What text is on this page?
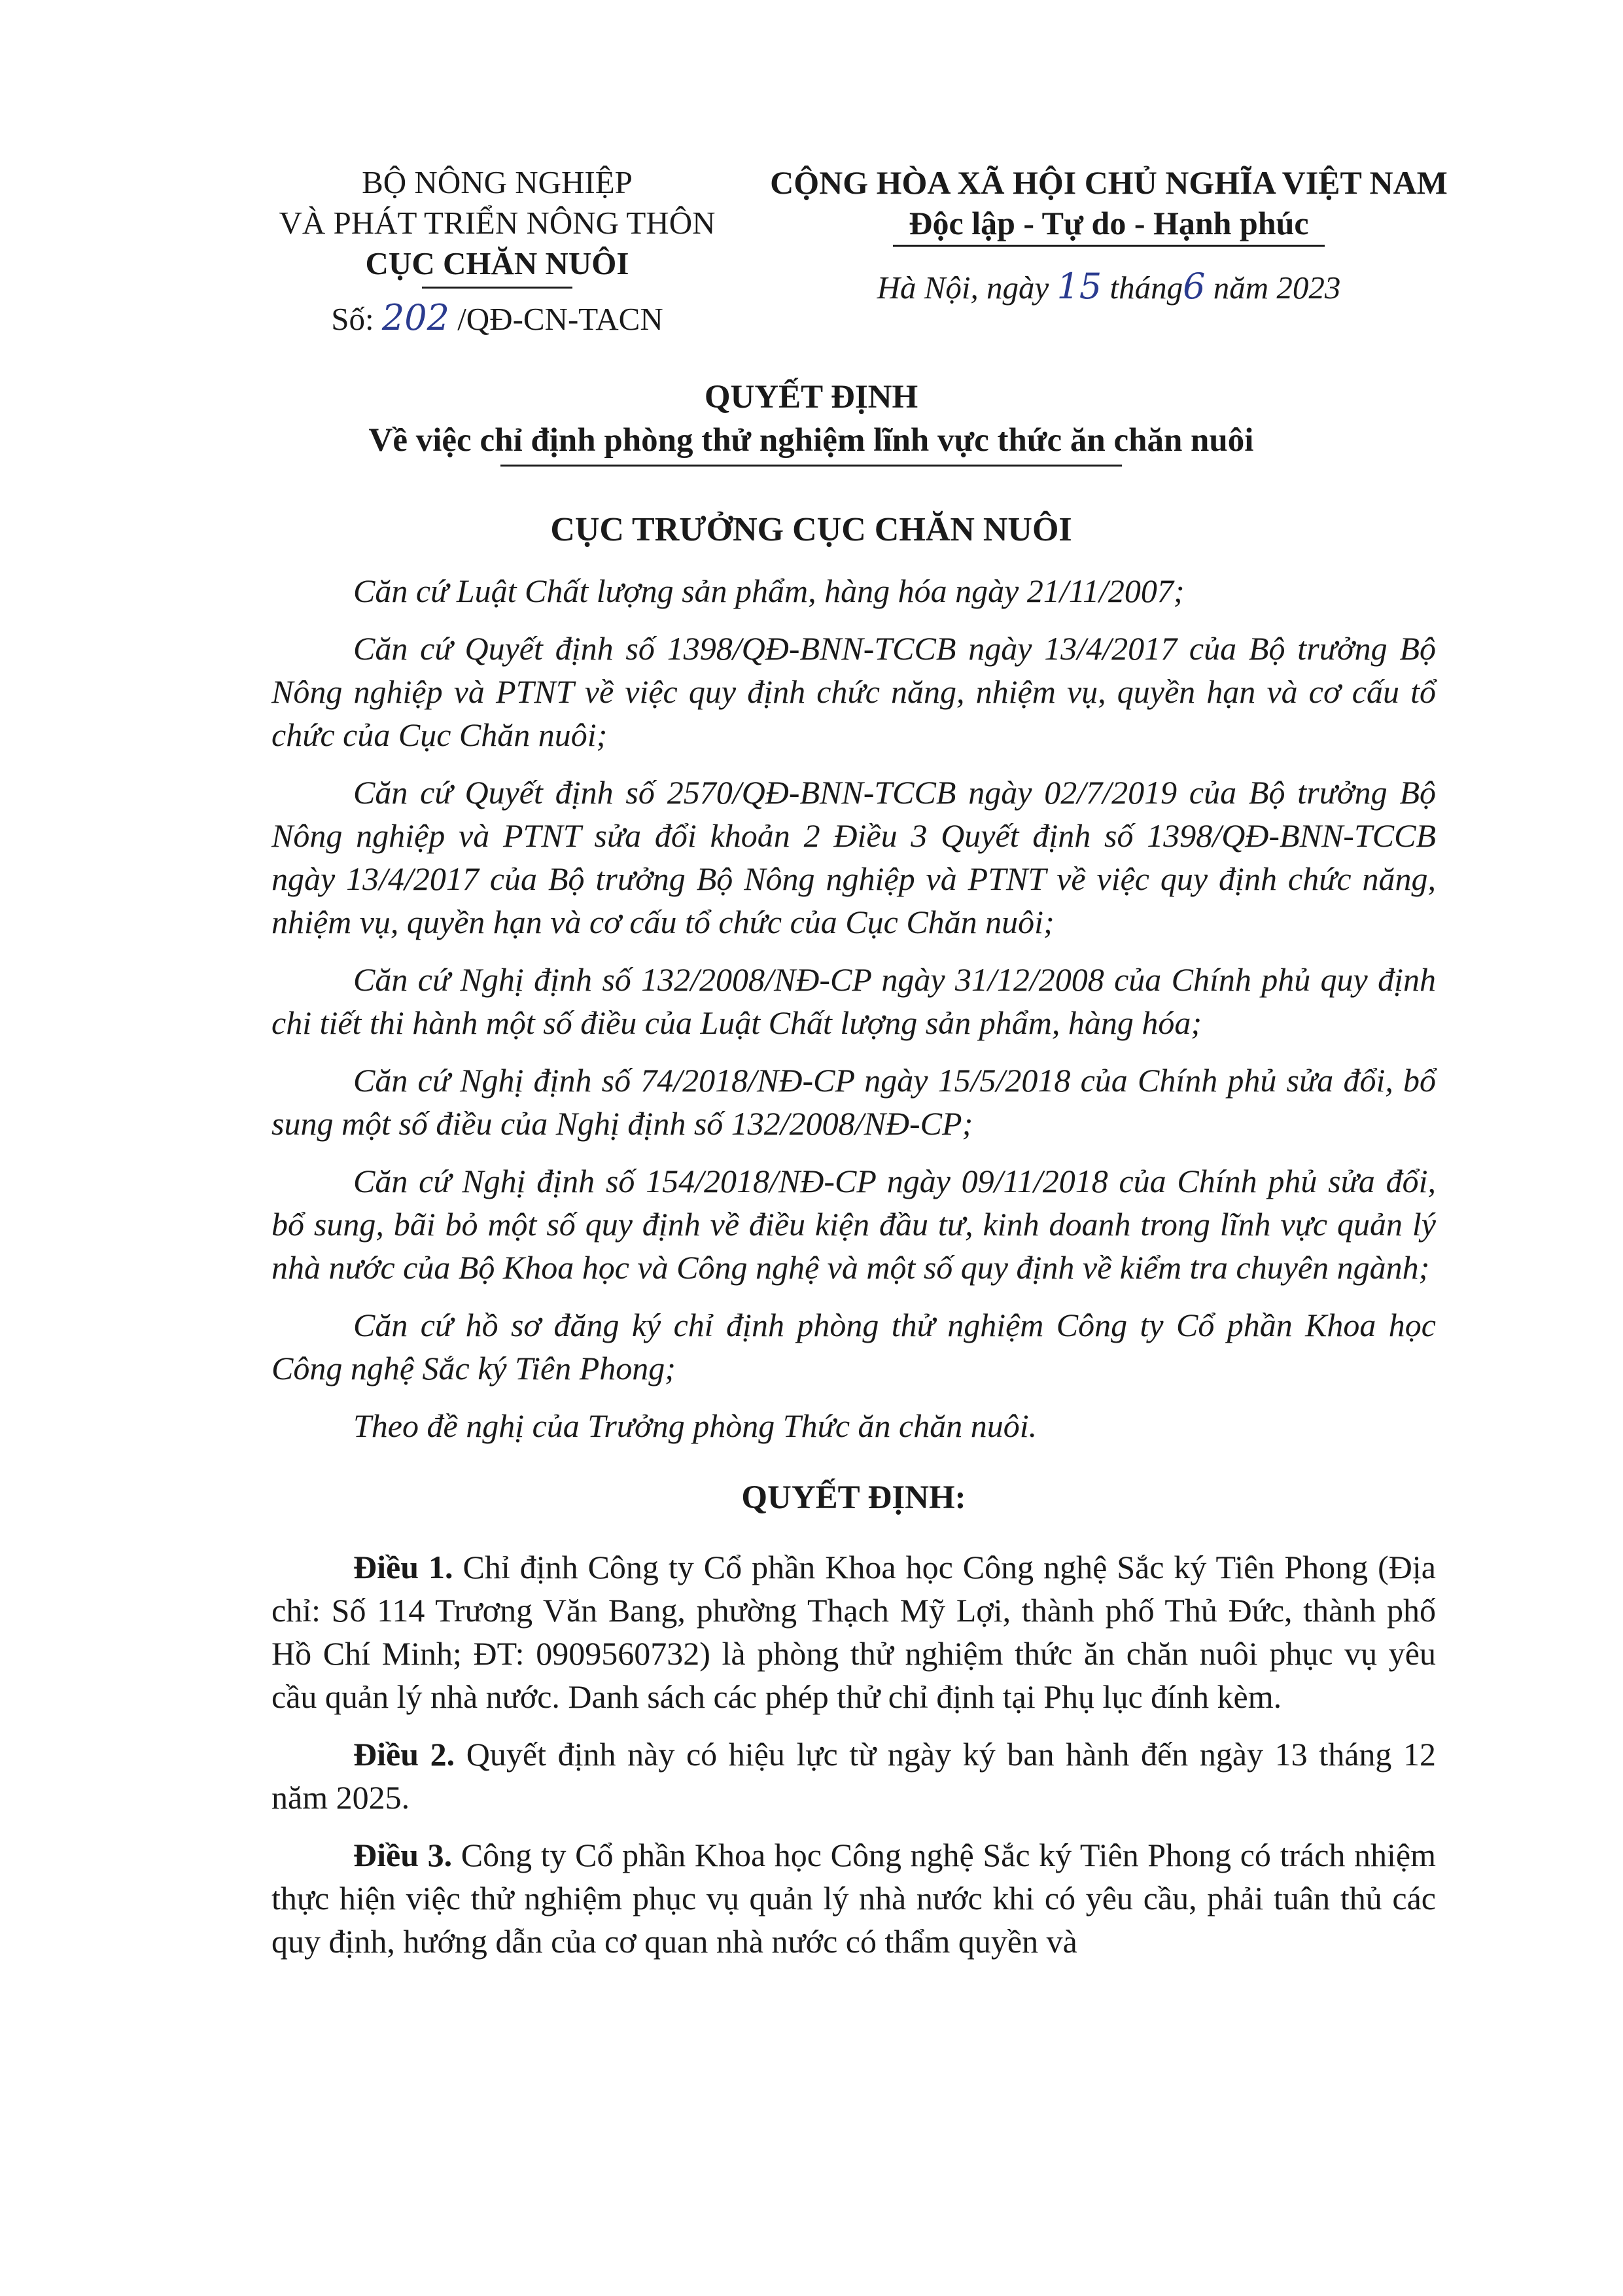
BỘ NÔNG NGHIỆP
VÀ PHÁT TRIỂN NÔNG THÔN
CỤC CHĂN NUÔI
Số: 202 /QĐ-CN-TACN
CỘNG HÒA XÃ HỘI CHỦ NGHĨA VIỆT NAM
Độc lập - Tự do - Hạnh phúc
Hà Nội, ngày 15 tháng6 năm 2023
QUYẾT ĐỊNH
Về việc chỉ định phòng thử nghiệm lĩnh vực thức ăn chăn nuôi
CỤC TRƯỞNG CỤC CHĂN NUÔI

Căn cứ Luật Chất lượng sản phẩm, hàng hóa ngày 21/11/2007;

Căn cứ Quyết định số 1398/QĐ-BNN-TCCB ngày 13/4/2017 của Bộ trưởng Bộ Nông nghiệp và PTNT về việc quy định chức năng, nhiệm vụ, quyền hạn và cơ cấu tổ chức của Cục Chăn nuôi;

Căn cứ Quyết định số 2570/QĐ-BNN-TCCB ngày 02/7/2019 của Bộ trưởng Bộ Nông nghiệp và PTNT sửa đổi khoản 2 Điều 3 Quyết định số 1398/QĐ-BNN-TCCB ngày 13/4/2017 của Bộ trưởng Bộ Nông nghiệp và PTNT về việc quy định chức năng, nhiệm vụ, quyền hạn và cơ cấu tổ chức của Cục Chăn nuôi;

Căn cứ Nghị định số 132/2008/NĐ-CP ngày 31/12/2008 của Chính phủ quy định chi tiết thi hành một số điều của Luật Chất lượng sản phẩm, hàng hóa;

Căn cứ Nghị định số 74/2018/NĐ-CP ngày 15/5/2018 của Chính phủ sửa đổi, bổ sung một số điều của Nghị định số 132/2008/NĐ-CP;

Căn cứ Nghị định số 154/2018/NĐ-CP ngày 09/11/2018 của Chính phủ sửa đổi, bổ sung, bãi bỏ một số quy định về điều kiện đầu tư, kinh doanh trong lĩnh vực quản lý nhà nước của Bộ Khoa học và Công nghệ và một số quy định về kiểm tra chuyên ngành;

Căn cứ hồ sơ đăng ký chỉ định phòng thử nghiệm Công ty Cổ phần Khoa học Công nghệ Sắc ký Tiên Phong;

Theo đề nghị của Trưởng phòng Thức ăn chăn nuôi.

QUYẾT ĐỊNH:

Điều 1. Chỉ định Công ty Cổ phần Khoa học Công nghệ Sắc ký Tiên Phong (Địa chỉ: Số 114 Trương Văn Bang, phường Thạch Mỹ Lợi, thành phố Thủ Đức, thành phố Hồ Chí Minh; ĐT: 0909560732) là phòng thử nghiệm thức ăn chăn nuôi phục vụ yêu cầu quản lý nhà nước. Danh sách các phép thử chỉ định tại Phụ lục đính kèm.

Điều 2. Quyết định này có hiệu lực từ ngày ký ban hành đến ngày 13 tháng 12 năm 2025.

Điều 3. Công ty Cổ phần Khoa học Công nghệ Sắc ký Tiên Phong có trách nhiệm thực hiện việc thử nghiệm phục vụ quản lý nhà nước khi có yêu cầu, phải tuân thủ các quy định, hướng dẫn của cơ quan nhà nước có thẩm quyền và
